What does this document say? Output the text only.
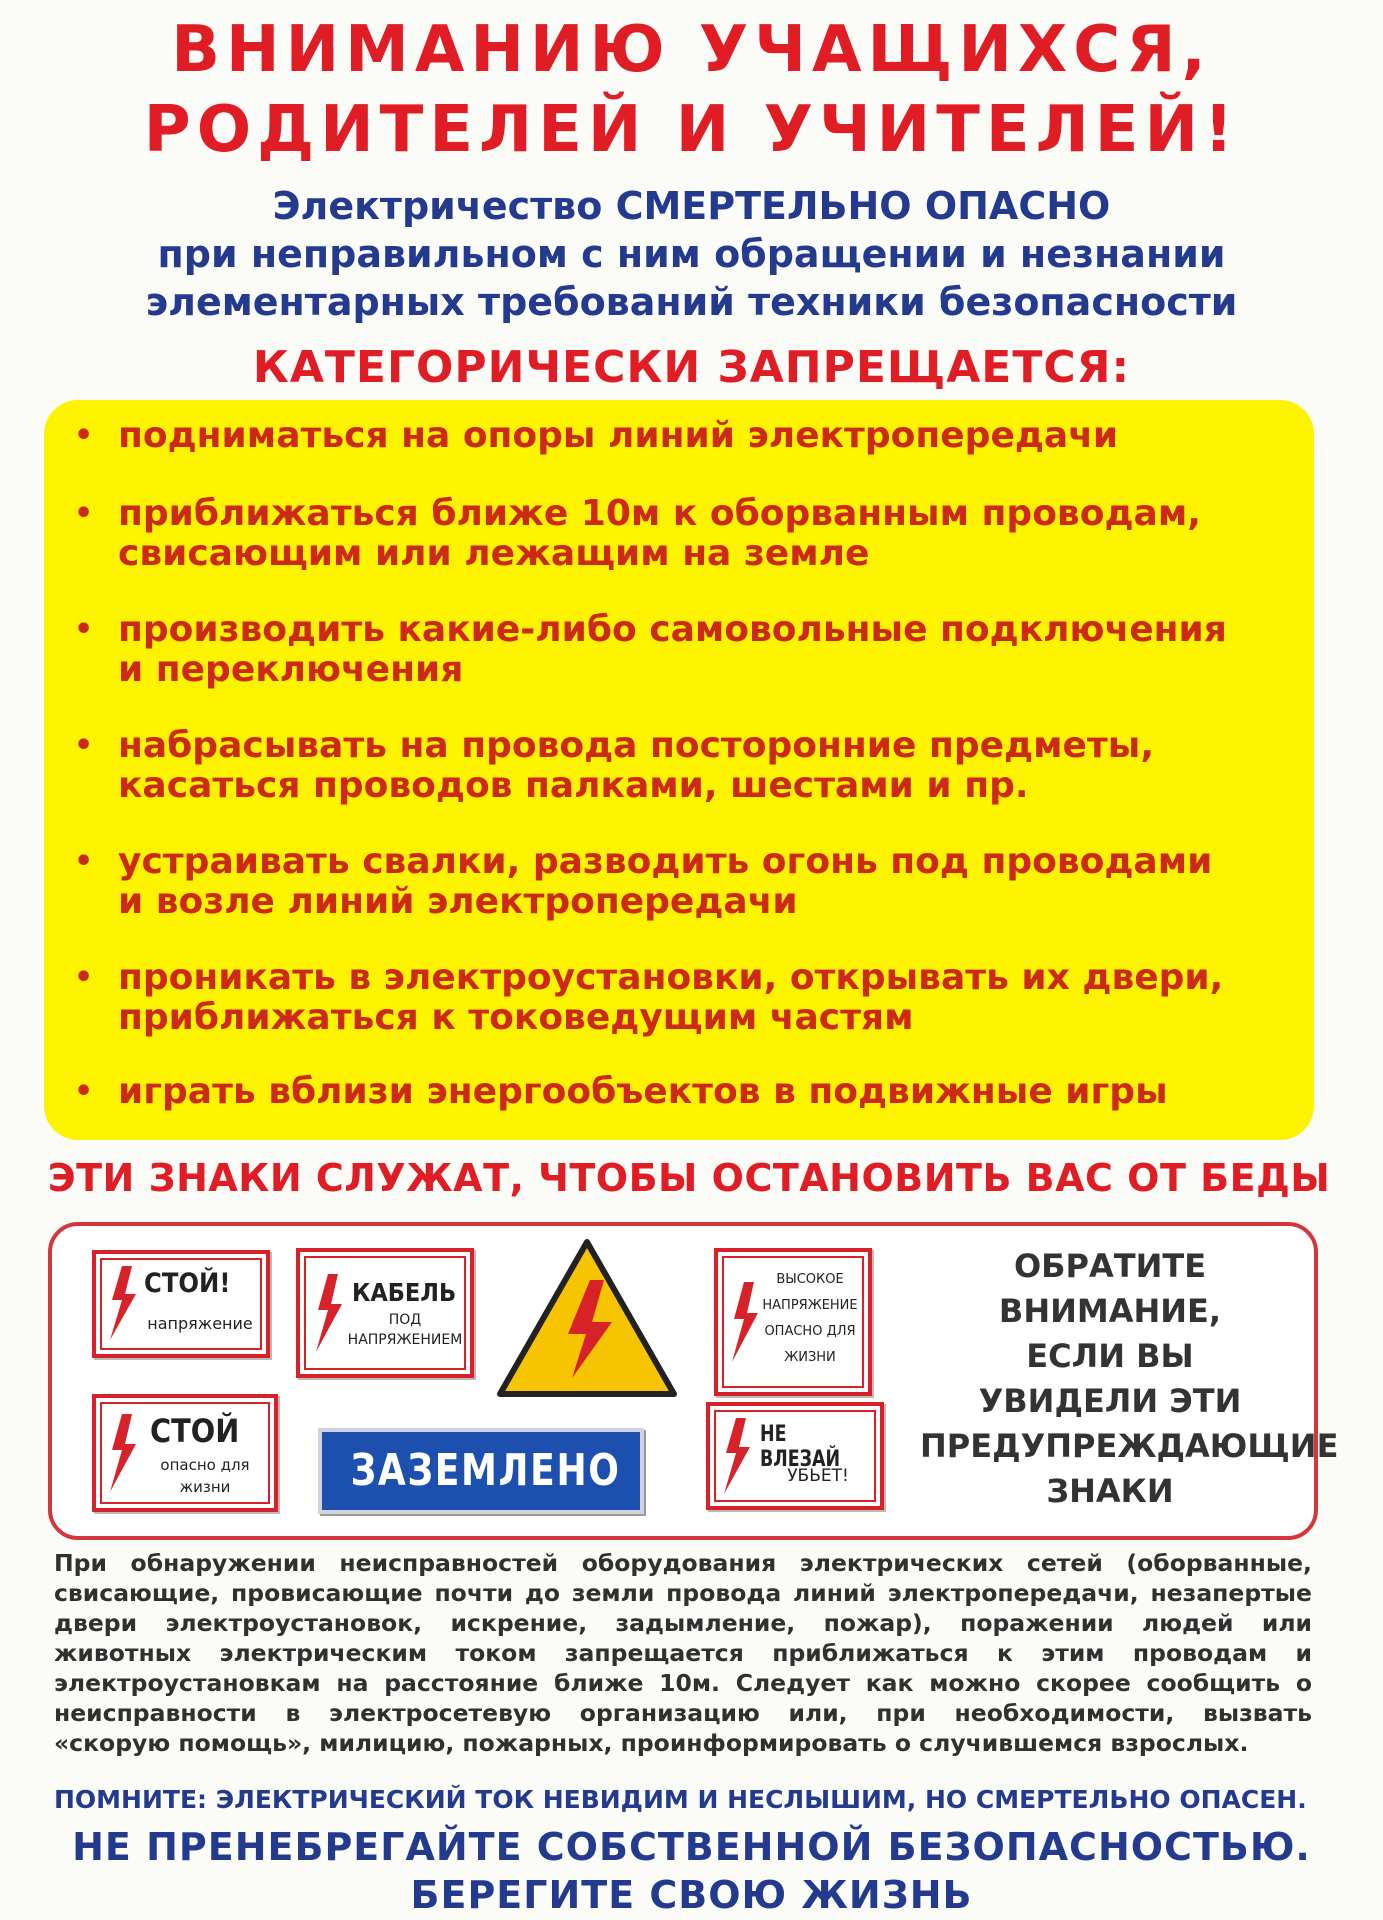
ВНИМАНИЮ УЧАЩИХСЯ,
РОДИТЕЛЕЙ И УЧИТЕЛЕЙ!
Электричество СМЕРТЕЛЬНО ОПАСНО
при неправильном с ним обращении и незнании
элементарных требований техники безопасности
КАТЕГОРИЧЕСКИ ЗАПРЕЩАЕТСЯ:
• подниматься на опоры линий электропередачи
• приближаться ближе 10м к оборванным проводам,
свисающим или лежащим на земле
• производить какие-либо самовольные подключения
и переключения
• набрасывать на провода посторонние предметы,
касаться проводов палками, шестами и пр.
• устраивать свалки, разводить огонь под проводами
и возле линий электропередачи
• проникать в электроустановки, открывать их двери,
приближаться к токоведущим частям
• играть вблизи энергообъектов в подвижные игры
ЭТИ ЗНАКИ СЛУЖАТ, ЧТОБЫ ОСТАНОВИТЬ ВАС ОТ БЕДЫ
СТОЙ!
напряжение
КАБЕЛЬ
ПОД
НАПРЯЖЕНИЕМ
ВЫСОКОЕ
НАПРЯЖЕНИЕ
ОПАСНО ДЛЯ
ЖИЗНИ
СТОЙ
опасно для
жизни	ЗАЗЕМЛЕНО
НЕ ВЛЕЗАЙ
УБЬЕТ!
ОБРАТИТЕ
ВНИМАНИЕ,
ЕСЛИ ВЫ
УВИДЕЛИ ЭТИ
ПРЕДУПРЕЖДАЮЩИЕ
ЗНАКИ
При обнаружении неисправностей оборудования электрических сетей (оборванные,
свисающие, провисающие почти до земли провода линий электропередачи, незапертые
двери электроустановок, искрение, задымление, пожар), поражении людей или
животных электрическим током запрещается приближаться к этим проводам и
электроустановкам на расстояние ближе 10м. Следует как можно скорее сообщить о
неисправности в электросетевую организацию или, при необходимости, вызвать
«скорую помощь», милицию, пожарных, проинформировать о случившемся взрослых.
ПОМНИТЕ: ЭЛЕКТРИЧЕСКИЙ ТОК НЕВИДИМ И НЕСЛЫШИМ, НО СМЕРТЕЛЬНО ОПАСЕН.
НЕ ПРЕНЕБРЕГАЙТЕ СОБСТВЕННОЙ БЕЗОПАСНОСТЬЮ.
БЕРЕГИТЕ СВОЮ ЖИЗНЬ
